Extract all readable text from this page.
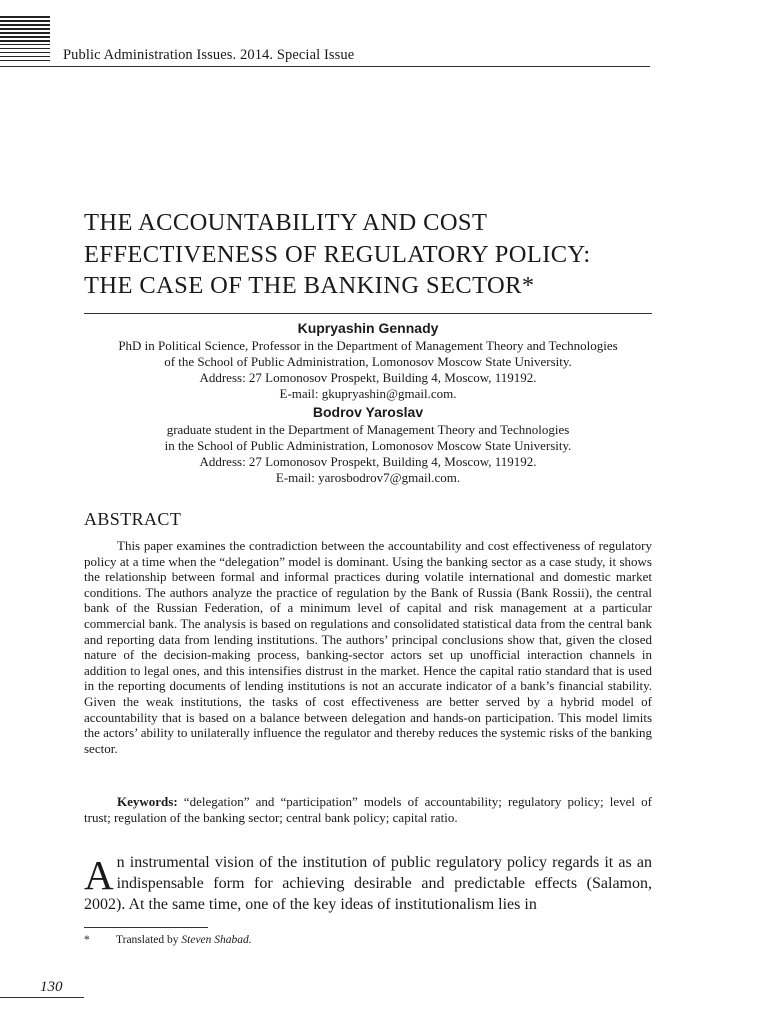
Public Administration Issues. 2014. Special Issue
THE ACCOUNTABILITY AND COST
EFFECTIVENESS OF REGULATORY POLICY:
THE CASE OF THE BANKING SECTOR*
Kupryashin Gennady
PhD in Political Science, Professor in the Department of Management Theory and Technologies
of the School of Public Administration, Lomonosov Moscow State University.
Address: 27 Lomonosov Prospekt, Building 4, Moscow, 119192.
E-mail: gkupryashin@gmail.com.
Bodrov Yaroslav
graduate student in the Department of Management Theory and Technologies
in the School of Public Administration, Lomonosov Moscow State University.
Address: 27 Lomonosov Prospekt, Building 4, Moscow, 119192.
E-mail: yarosbodrov7@gmail.com.
ABSTRACT

This paper examines the contradiction between the accountability and cost effectiveness of regulatory policy at a time when the “delegation” model is dominant. Using the banking sector as a case study, it shows the relationship between formal and informal practices during volatile international and domestic market conditions. The authors analyze the practice of regulation by the Bank of Russia (Bank Rossii), the central bank of the Russian Federation, of a minimum level of capital and risk management at a particular commercial bank. The analysis is based on regulations and consolidated statistical data from the central bank and reporting data from lending institutions. The authors’ principal conclusions show that, given the closed nature of the decision-making process, banking-sector actors set up unofficial interaction channels in addition to legal ones, and this intensifies distrust in the market. Hence the capital ratio standard that is used in the reporting documents of lending institutions is not an accurate indicator of a bank’s financial stability. Given the weak institutions, the tasks of cost effectiveness are better served by a hybrid model of accountability that is based on a balance between delegation and hands-on participation. This model limits the actors’ ability to unilaterally influence the regulator and thereby reduces the systemic risks of the banking sector.

Keywords: “delegation” and “participation” models of accountability; regulatory policy; level of trust; regulation of the banking sector; central bank policy; capital ratio.

An instrumental vision of the institution of public regulatory policy regards it as an indispensable form for achieving desirable and predictable effects (Salamon, 2002). At the same time, one of the key ideas of institutionalism lies in

* Translated by Steven Shabad.
130
